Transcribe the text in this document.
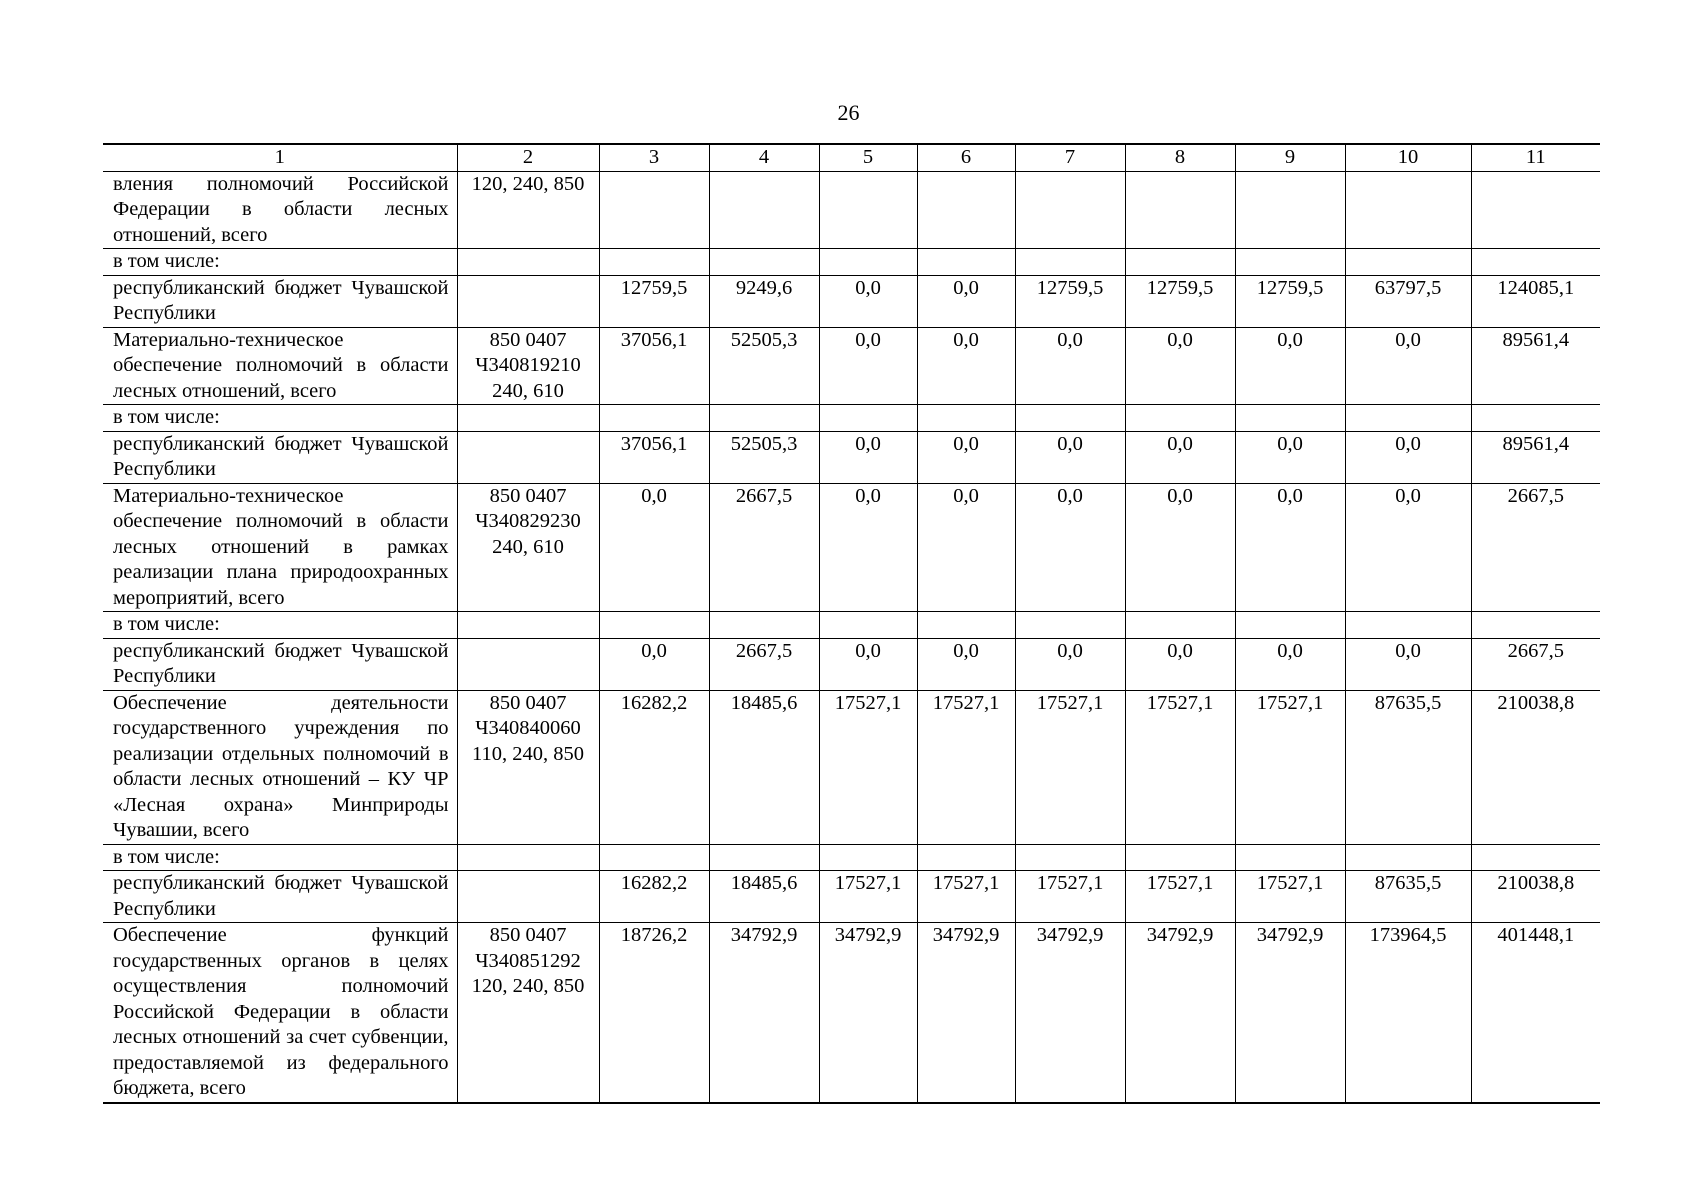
26
1	2	3	4	5	6	7	8	9	10	11
вления полномочий Российской Федерации в области лесных отношений, всего	120, 240, 850									
в том числе:										
республиканский бюджет Чувашской Республики		12759,5	9249,6	0,0	0,0	12759,5	12759,5	12759,5	63797,5	124085,1
Материально-техническое обеспечение полномочий в области лесных отношений, всего	850 0407 Ч340819210 240, 610	37056,1	52505,3	0,0	0,0	0,0	0,0	0,0	0,0	89561,4
в том числе:										
республиканский бюджет Чувашской Республики		37056,1	52505,3	0,0	0,0	0,0	0,0	0,0	0,0	89561,4
Материально-техническое обеспечение полномочий в области лесных отношений в рамках реализации плана природоохранных мероприятий, всего	850 0407 Ч340829230 240, 610	0,0	2667,5	0,0	0,0	0,0	0,0	0,0	0,0	2667,5
в том числе:										
республиканский бюджет Чувашской Республики		0,0	2667,5	0,0	0,0	0,0	0,0	0,0	0,0	2667,5
Обеспечение деятельности государственного учреждения по реализации отдельных полномочий в области лесных отношений – КУ ЧР «Лесная охрана» Минприроды Чувашии, всего	850 0407 Ч340840060 110, 240, 850	16282,2	18485,6	17527,1	17527,1	17527,1	17527,1	17527,1	87635,5	210038,8
в том числе:										
республиканский бюджет Чувашской Республики		16282,2	18485,6	17527,1	17527,1	17527,1	17527,1	17527,1	87635,5	210038,8
Обеспечение функций государственных органов в целях осуществления полномочий Российской Федерации в области лесных отношений за счет субвенции, предоставляемой из федерального бюджета, всего	850 0407 Ч340851292 120, 240, 850	18726,2	34792,9	34792,9	34792,9	34792,9	34792,9	34792,9	173964,5	401448,1
